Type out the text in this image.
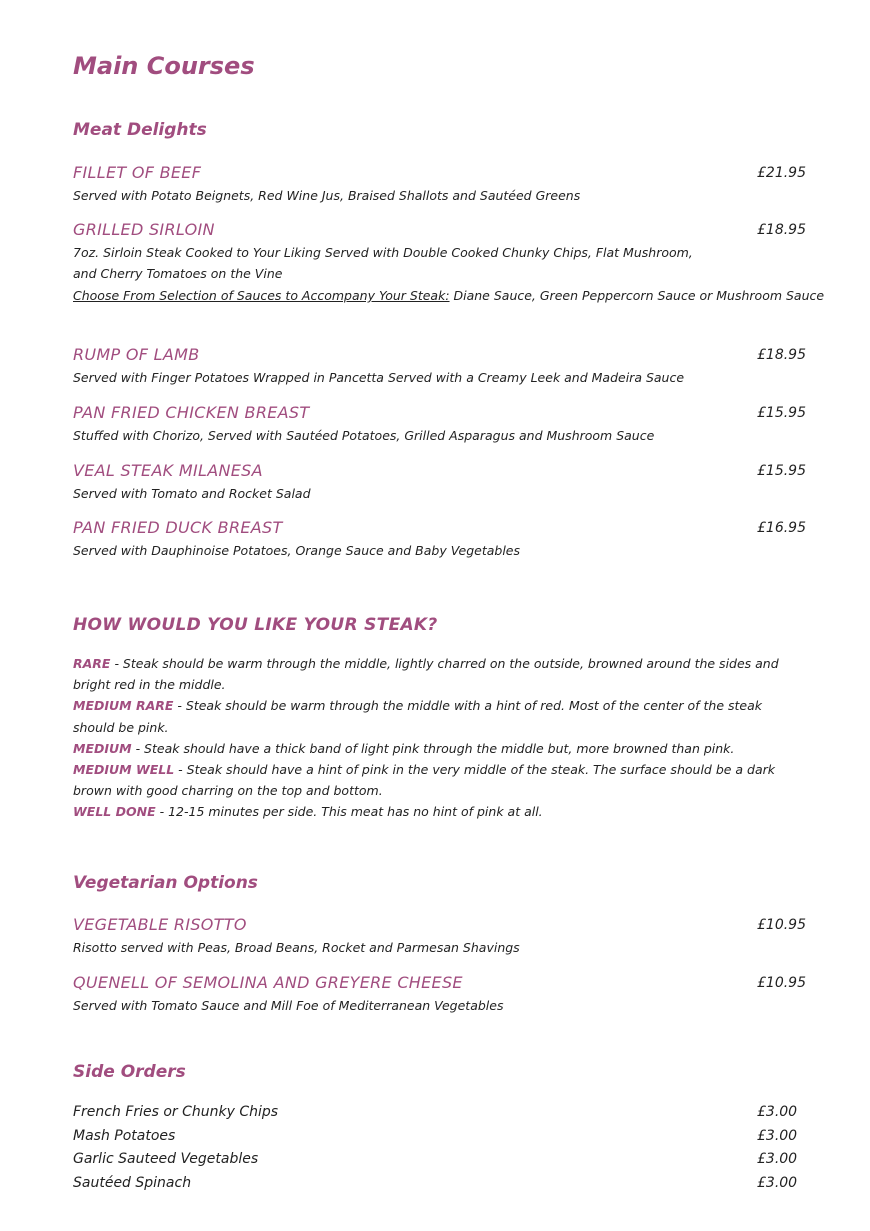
Main Courses
Meat Delights
FILLET OF BEEF	£21.95
Served with Potato Beignets, Red Wine Jus, Braised Shallots and Sautéed Greens
GRILLED SIRLOIN	£18.95
7oz. Sirloin Steak Cooked to Your Liking Served with Double Cooked Chunky Chips, Flat Mushroom,
and Cherry Tomatoes on the Vine
Choose From Selection of Sauces to Accompany Your Steak: Diane Sauce, Green Peppercorn Sauce or Mushroom Sauce
RUMP OF LAMB	£18.95
Served with Finger Potatoes Wrapped in Pancetta Served with a Creamy Leek and Madeira Sauce
PAN FRIED CHICKEN BREAST	£15.95
Stuffed with Chorizo, Served with Sautéed Potatoes, Grilled Asparagus and Mushroom Sauce
VEAL STEAK MILANESA	£15.95
Served with Tomato and Rocket Salad
PAN FRIED DUCK BREAST	£16.95
Served with Dauphinoise Potatoes, Orange Sauce and Baby Vegetables
HOW WOULD YOU LIKE YOUR STEAK?

RARE - Steak should be warm through the middle, lightly charred on the outside, browned around the sides and bright red in the middle.

MEDIUM RARE - Steak should be warm through the middle with a hint of red. Most of the center of the steak should be pink.

MEDIUM - Steak should have a thick band of light pink through the middle but, more browned than pink.

MEDIUM WELL - Steak should have a hint of pink in the very middle of the steak. The surface should be a dark brown with good charring on the top and bottom.

WELL DONE - 12-15 minutes per side. This meat has no hint of pink at all.

Vegetarian Options
VEGETABLE RISOTTO	£10.95
Risotto served with Peas, Broad Beans, Rocket and Parmesan Shavings
QUENELL OF SEMOLINA AND GREYERE CHEESE	£10.95
Served with Tomato Sauce and Mill Foe of Mediterranean Vegetables
Side Orders
French Fries or Chunky Chips	£3.00
Mash Potatoes	£3.00
Garlic Sauteed Vegetables	£3.00
Sautéed Spinach	£3.00
